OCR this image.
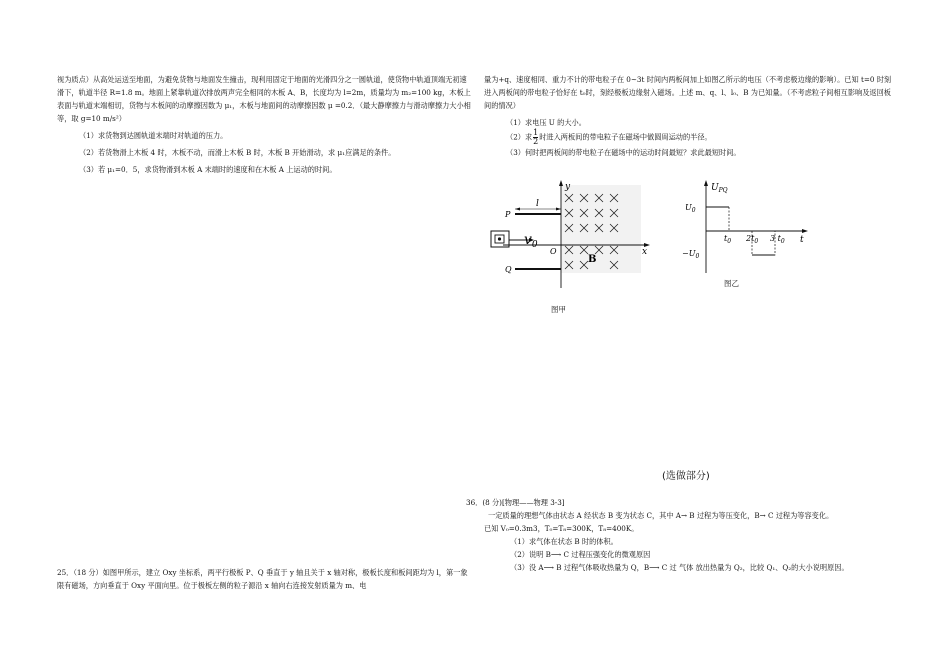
视为质点）从高处运送至地面，为避免货物与地面发生撞击，现利用固定于地面的光滑四分之一圆轨道，使货物中轨道顶端无初速滑下，轨道半径 R=1.8 m。地面上紧靠轨道次排放两声完全相同的木板 A、B，长度均为 l=2m，质量均为 m₂=100 kg，木板上表面与轨道末端相切，货物与木板间的动摩擦因数为 μ₁，木板与地面间的动摩擦因数 μ =0.2．（最大静摩擦力与滑动摩擦力大小相等，取 g=10 m/s²）

（1）求货物到达圆轨道末端时对轨道的压力。

（2）若货物滑上木板 4 时，木板不动，而滑上木板 B 时，木板 B 开始滑动，求 μ₁应满足的条件。

（3）若 μ₁=0．5，求货物滑到木板 A 末端时的速度和在木板 A 上运动的时间。

25．（18 分）如图甲所示，建立 Oxy 坐标系，两平行极板 P、Q 垂直于 y 轴且关于 x 轴对称，极板长度和板间距均为 l，第一象限有磁场，方向垂直于 Oxy 平面向里。位于极板左侧的粒子源沿 x 轴向右连接发射质量为 m、电

量为+q、速度相同、重力不计的带电粒子在 0~3t 时间内两板间加上如图乙所示的电压（不考虑极边缘的影响）。已知 t=0 时刻进入两板间的带电粒子恰好在 t₀时，刻经极板边缘射入磁场。上述 m、q、l、l₀、B 为已知量。（不考虑粒子间相互影响及返回板间的情况）

（1）求电压 U 的大小。

（2）求 $\frac{1}{2}$ 时进入两板间的带电粒子在磁场中做圆周运动的半径。

（3）何时把两板间的带电粒子在磁场中的运动时间最短？求此最短时间。

y
x
O
P
Q
l
$v_0$
B
图甲
$U_{PQ}$
t
$U_0$
$-U_0$
$t_0$ $2t_0$ 3 $t_0$
图乙
(选做部分)

36．(8 分)[物理——物理 3-3]

一定质量的理想气体由状态 A 经状态 B 变为状态 C，其中 A→ B 过程为等压变化，B→ C 过程为等容变化。

已知 V₀=0.3m3，T₀=T₈=300K，T₈=400K。

（1）求气体在状态 B 时的体积。

（2）说明 B⟶ C 过程压强变化的微观原因

（3）没 A⟶ B 过程气体吸收热量为 Q，B⟶ C 过 气体 放出热量为 Q₂，比较 Q₁、Q₂的大小说明原因。
